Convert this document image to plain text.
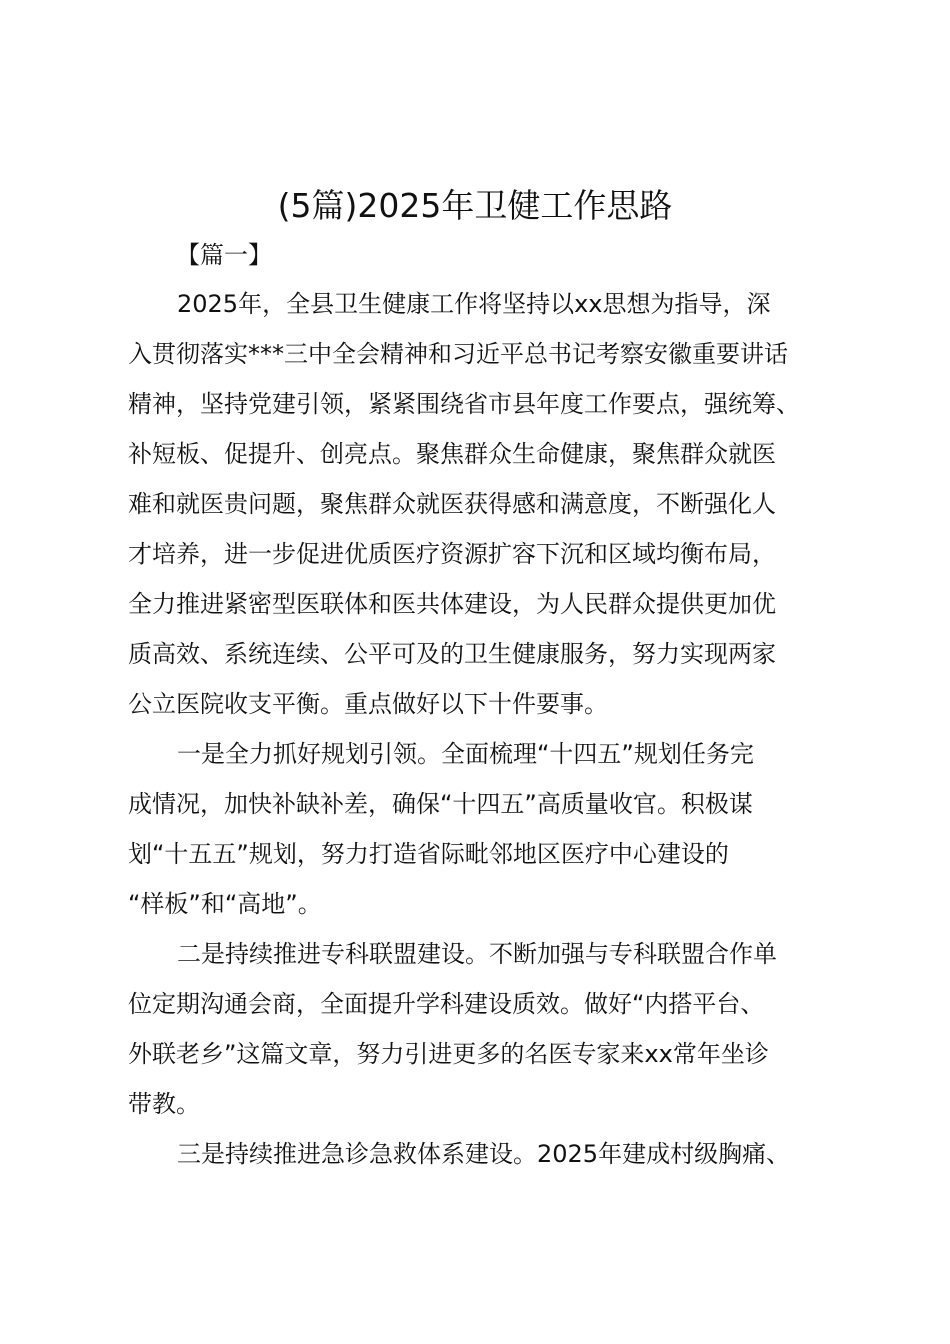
(5篇)2025年卫健工作思路
【篇一】
2025年，全县卫生健康工作将坚持以xx思想为指导，深
入贯彻落实***三中全会精神和习近平总书记考察安徽重要讲话
精神，坚持党建引领，紧紧围绕省市县年度工作要点，强统筹、
补短板、促提升、创亮点。聚焦群众生命健康，聚焦群众就医
难和就医贵问题，聚焦群众就医获得感和满意度，不断强化人
才培养，进一步促进优质医疗资源扩容下沉和区域均衡布局，
全力推进紧密型医联体和医共体建设，为人民群众提供更加优
质高效、系统连续、公平可及的卫生健康服务，努力实现两家
公立医院收支平衡。重点做好以下十件要事。
一是全力抓好规划引领。全面梳理“十四五”规划任务完
成情况，加快补缺补差，确保“十四五”高质量收官。积极谋
划“十五五”规划，努力打造省际毗邻地区医疗中心建设的
“样板”和“高地”。
二是持续推进专科联盟建设。不断加强与专科联盟合作单
位定期沟通会商，全面提升学科建设质效。做好“内搭平台、
外联老乡”这篇文章，努力引进更多的名医专家来xx常年坐诊
带教。
三是持续推进急诊急救体系建设。2025年建成村级胸痛、
